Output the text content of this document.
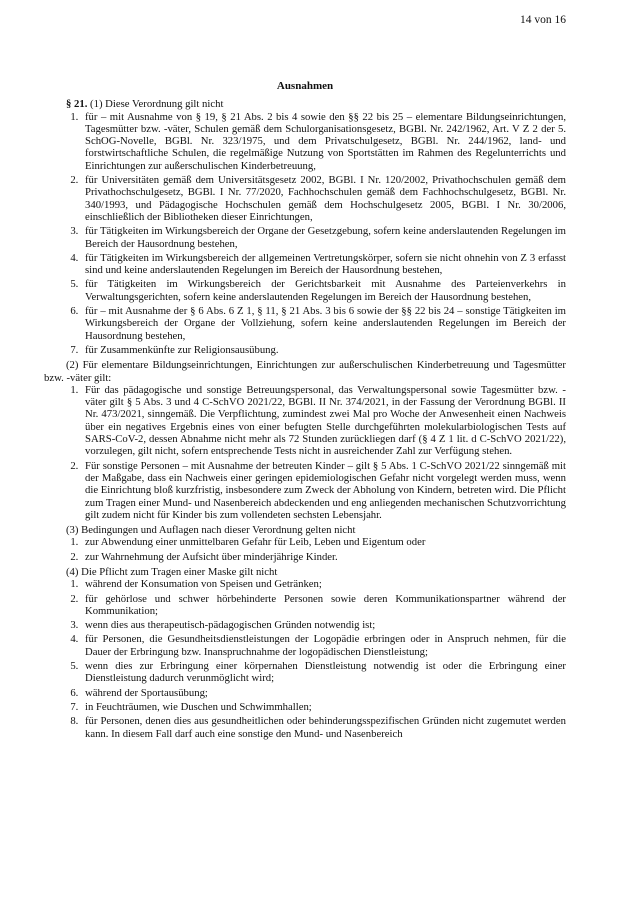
14 von 16
Ausnahmen

§ 21. (1) Diese Verordnung gilt nicht

1. für – mit Ausnahme von § 19, § 21 Abs. 2 bis 4 sowie den §§ 22 bis 25 – elementare Bildungseinrichtungen, Tagesmütter bzw. -väter, Schulen gemäß dem Schulorganisationsgesetz, BGBl. Nr. 242/1962, Art. V Z 2 der 5. SchOG-Novelle, BGBl. Nr. 323/1975, und dem Privatschulgesetz, BGBl. Nr. 244/1962, land- und forstwirtschaftliche Schulen, die regelmäßige Nutzung von Sportstätten im Rahmen des Regelunterrichts und Einrichtungen zur außerschulischen Kinderbetreuung,
2. für Universitäten gemäß dem Universitätsgesetz 2002, BGBl. I Nr. 120/2002, Privathochschulen gemäß dem Privathochschulgesetz, BGBl. I Nr. 77/2020, Fachhochschulen gemäß dem Fachhochschulgesetz, BGBl. Nr. 340/1993, und Pädagogische Hochschulen gemäß dem Hochschulgesetz 2005, BGBl. I Nr. 30/2006, einschließlich der Bibliotheken dieser Einrichtungen,
3. für Tätigkeiten im Wirkungsbereich der Organe der Gesetzgebung, sofern keine anderslautenden Regelungen im Bereich der Hausordnung bestehen,
4. für Tätigkeiten im Wirkungsbereich der allgemeinen Vertretungskörper, sofern sie nicht ohnehin von Z 3 erfasst sind und keine anderslautenden Regelungen im Bereich der Hausordnung bestehen,
5. für Tätigkeiten im Wirkungsbereich der Gerichtsbarkeit mit Ausnahme des Parteienverkehrs in Verwaltungsgerichten, sofern keine anderslautenden Regelungen im Bereich der Hausordnung bestehen,
6. für – mit Ausnahme der § 6 Abs. 6 Z 1, § 11, § 21 Abs. 3 bis 6 sowie der §§ 22 bis 24 – sonstige Tätigkeiten im Wirkungsbereich der Organe der Vollziehung, sofern keine anderslautenden Regelungen im Bereich der Hausordnung bestehen,
7. für Zusammenkünfte zur Religionsausübung.

(2) Für elementare Bildungseinrichtungen, Einrichtungen zur außerschulischen Kinderbetreuung und Tagesmütter bzw. -väter gilt:

1. Für das pädagogische und sonstige Betreuungspersonal, das Verwaltungspersonal sowie Tagesmütter bzw. -väter gilt § 5 Abs. 3 und 4 C-SchVO 2021/22, BGBl. II Nr. 374/2021, in der Fassung der Verordnung BGBl. II Nr. 473/2021, sinngemäß. Die Verpflichtung, zumindest zwei Mal pro Woche der Anwesenheit einen Nachweis über ein negatives Ergebnis eines von einer befugten Stelle durchgeführten molekularbiologischen Tests auf SARS-CoV-2, dessen Abnahme nicht mehr als 72 Stunden zurückliegen darf (§ 4 Z 1 lit. d C-SchVO 2021/22), vorzulegen, gilt nicht, sofern entsprechende Tests nicht in ausreichender Zahl zur Verfügung stehen.
2. Für sonstige Personen – mit Ausnahme der betreuten Kinder – gilt § 5 Abs. 1 C-SchVO 2021/22 sinngemäß mit der Maßgabe, dass ein Nachweis einer geringen epidemiologischen Gefahr nicht vorgelegt werden muss, wenn die Einrichtung bloß kurzfristig, insbesondere zum Zweck der Abholung von Kindern, betreten wird. Die Pflicht zum Tragen einer Mund- und Nasenbereich abdeckenden und eng anliegenden mechanischen Schutzvorrichtung gilt zudem nicht für Kinder bis zum vollendeten sechsten Lebensjahr.

(3) Bedingungen und Auflagen nach dieser Verordnung gelten nicht

1. zur Abwendung einer unmittelbaren Gefahr für Leib, Leben und Eigentum oder
2. zur Wahrnehmung der Aufsicht über minderjährige Kinder.

(4) Die Pflicht zum Tragen einer Maske gilt nicht

1. während der Konsumation von Speisen und Getränken;
2. für gehörlose und schwer hörbehinderte Personen sowie deren Kommunikationspartner während der Kommunikation;
3. wenn dies aus therapeutisch-pädagogischen Gründen notwendig ist;
4. für Personen, die Gesundheitsdienstleistungen der Logopädie erbringen oder in Anspruch nehmen, für die Dauer der Erbringung bzw. Inanspruchnahme der logopädischen Dienstleistung;
5. wenn dies zur Erbringung einer körpernahen Dienstleistung notwendig ist oder die Erbringung einer Dienstleistung dadurch verunmöglicht wird;
6. während der Sportausübung;
7. in Feuchträumen, wie Duschen und Schwimmhallen;
8. für Personen, denen dies aus gesundheitlichen oder behinderungsspezifischen Gründen nicht zugemutet werden kann. In diesem Fall darf auch eine sonstige den Mund- und Nasenbereich
